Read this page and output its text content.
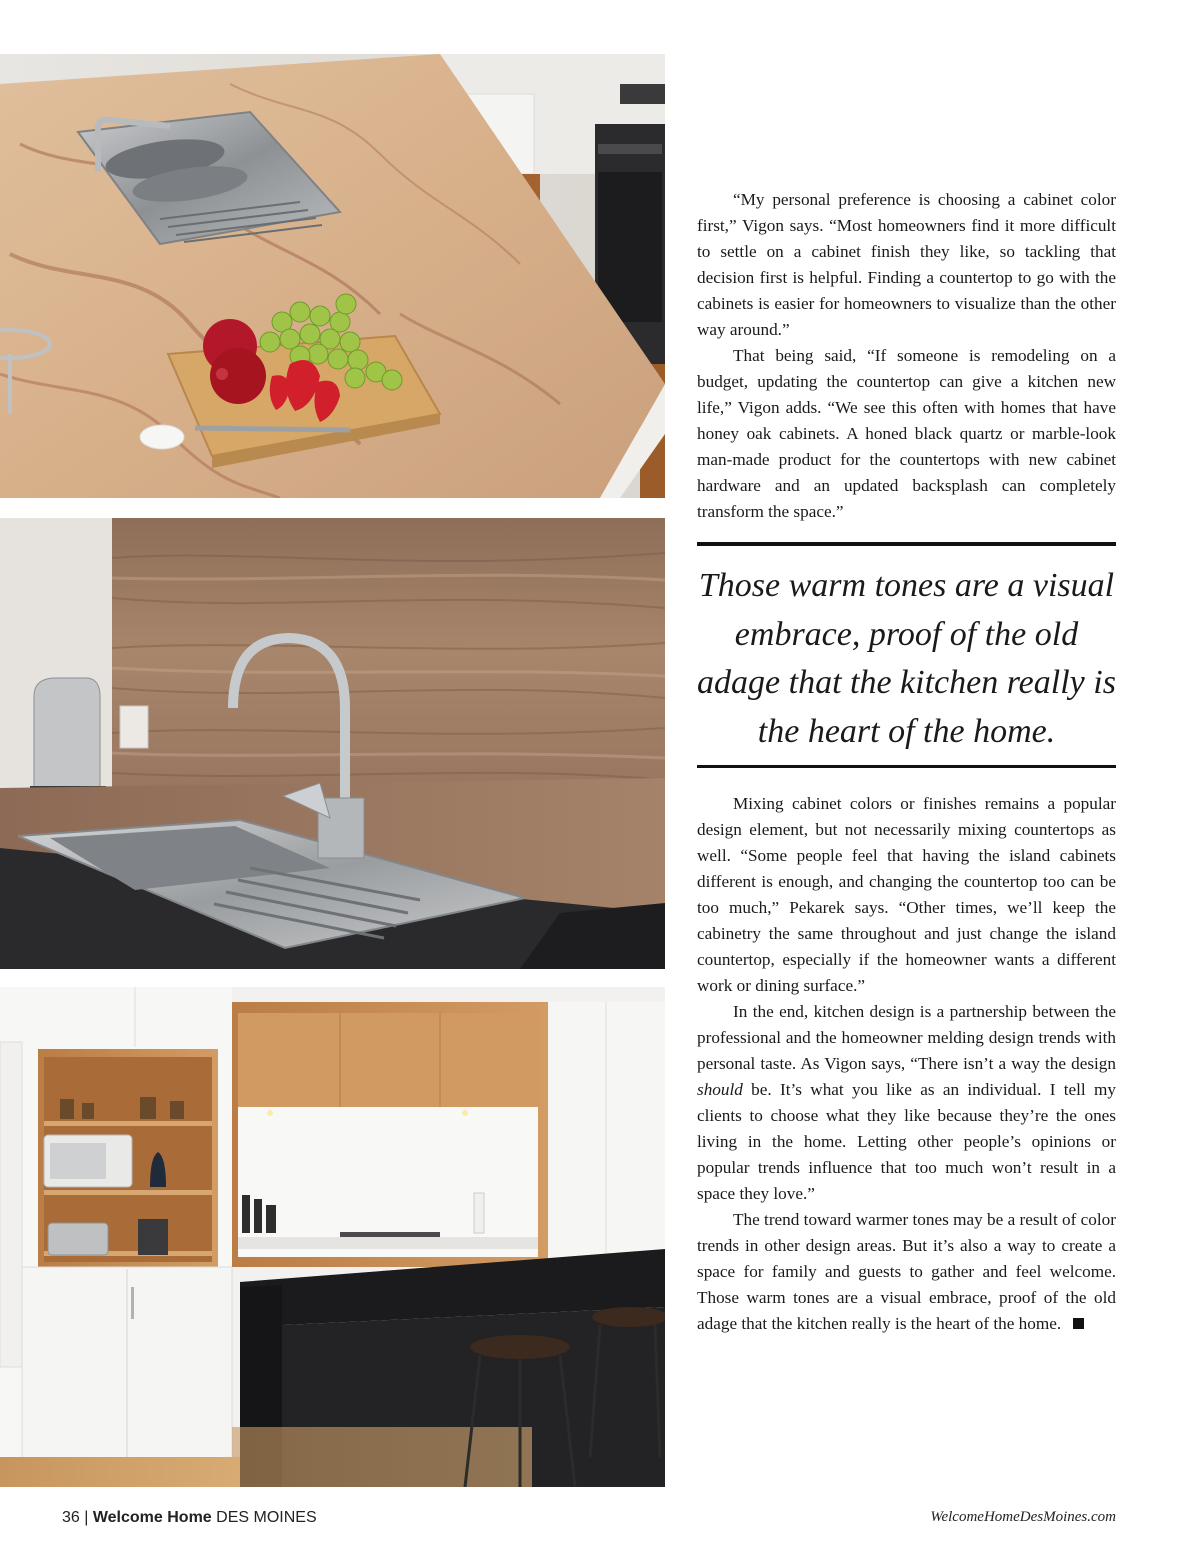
“My personal preference is choosing a cabinet color first,” Vigon says. “Most homeowners find it more difficult to settle on a cabinet finish they like, so tackling that decision first is helpful. Finding a countertop to go with the cabinets is easier for homeowners to visualize than the other way around.”

That being said, “If someone is remodeling on a budget, updating the countertop can give a kitchen new life,” Vigon adds. “We see this often with homes that have honey oak cabinets. A honed black quartz or marble-look man-made product for the countertops with new cabinet hardware and an updated backsplash can completely transform the space.”

Those warm tones are a visual embrace, proof of the old adage that the kitchen really is the heart of the home.

Mixing cabinet colors or finishes remains a popular design element, but not necessarily mixing countertops as well. “Some people feel that having the island cabinets different is enough, and changing the countertop too can be too much,” Pekarek says. “Other times, we’ll keep the cabinetry the same throughout and just change the island countertop, especially if the homeowner wants a different work or dining surface.”

In the end, kitchen design is a partnership between the professional and the homeowner melding design trends with personal taste. As Vigon says, “There isn’t a way the design should be. It’s what you like as an individual. I tell my clients to choose what they like because they’re the ones living in the home. Letting other people’s opinions or popular trends influence that too much won’t result in a space they love.”

The trend toward warmer tones may be a result of color trends in other design areas. But it’s also a way to create a space for family and guests to gather and feel welcome. Those warm tones are a visual embrace, proof of the old adage that the kitchen really is the heart of the home.

36 | Welcome Home DES MOINES	WelcomeHomeDesMoines.com
